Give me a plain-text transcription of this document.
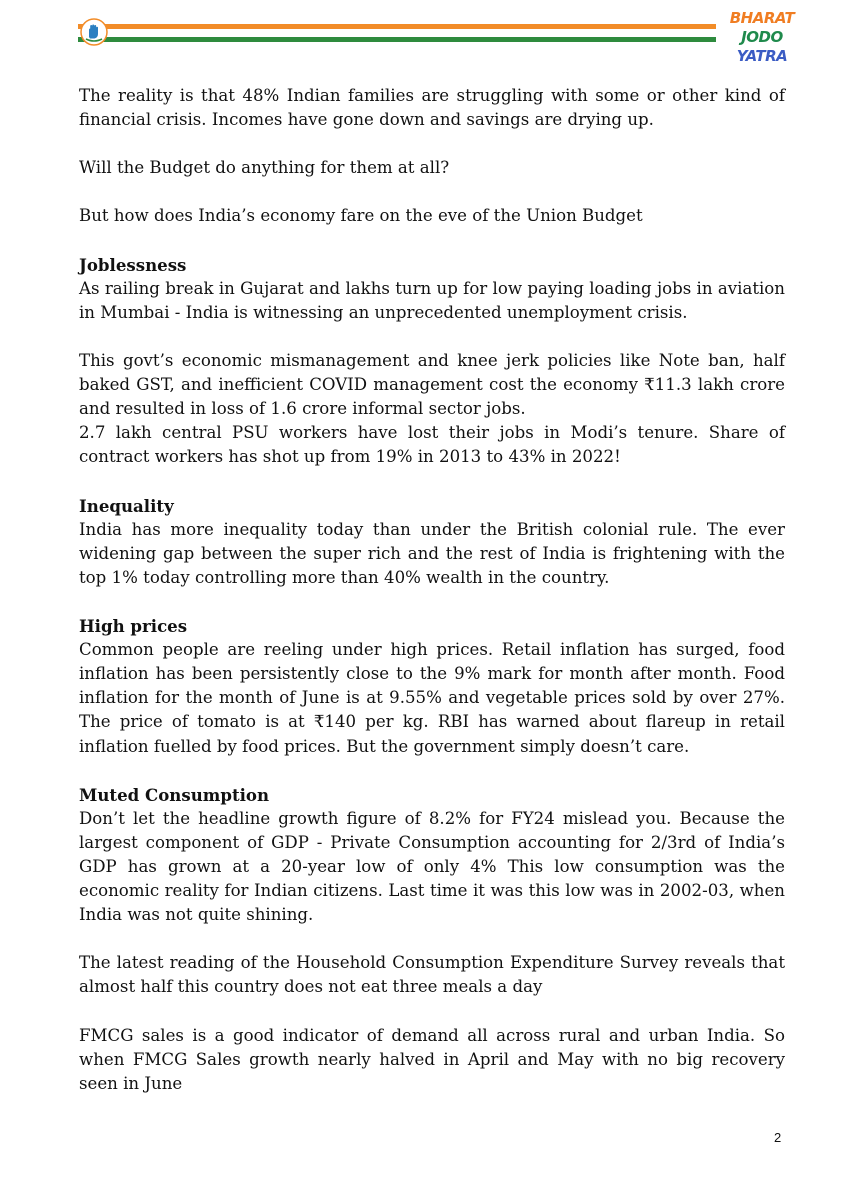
BHARAT
JODO
YATRA

The reality is that 48% Indian families are struggling with some or other kind of financial crisis. Incomes have gone down and savings are drying up.

Will the Budget do anything for them at all?

But how does India’s economy fare on the eve of the Union Budget

Joblessness

As railing break in Gujarat and lakhs turn up for low paying loading jobs in aviation in Mumbai - India is witnessing an unprecedented unemployment crisis.

This govt’s economic mismanagement and knee jerk policies like Note ban, half baked GST, and inefficient COVID management cost the economy ₹11.3 lakh crore and resulted in loss of 1.6 crore informal sector jobs.

2.7 lakh central PSU workers have lost their jobs in Modi’s tenure. Share of contract workers has shot up from 19% in 2013 to 43% in 2022!

Inequality

India has more inequality today than under the British colonial rule. The ever widening gap between the super rich and the rest of India is frightening with the top 1% today controlling more than 40% wealth in the country.

High prices

Common people are reeling under high prices. Retail inflation has surged, food inflation has been persistently close to the 9% mark for month after month. Food inflation for the month of June is at 9.55% and vegetable prices sold by over 27%. The price of tomato is at ₹140 per kg. RBI has warned about flareup in retail inflation fuelled by food prices. But the government simply doesn’t care.

Muted Consumption

Don’t let the headline growth figure of 8.2% for FY24 mislead you. Because the largest component of GDP - Private Consumption accounting for 2/3rd of India’s GDP has grown at a 20-year low of only 4% This low consumption was the economic reality for Indian citizens. Last time it was this low was in 2002-03, when India was not quite shining.

The latest reading of the Household Consumption Expenditure Survey reveals that almost half this country does not eat three meals a day

FMCG sales is a good indicator of demand all across rural and urban India. So when FMCG Sales growth nearly halved in April and May with no big recovery seen in June

2
